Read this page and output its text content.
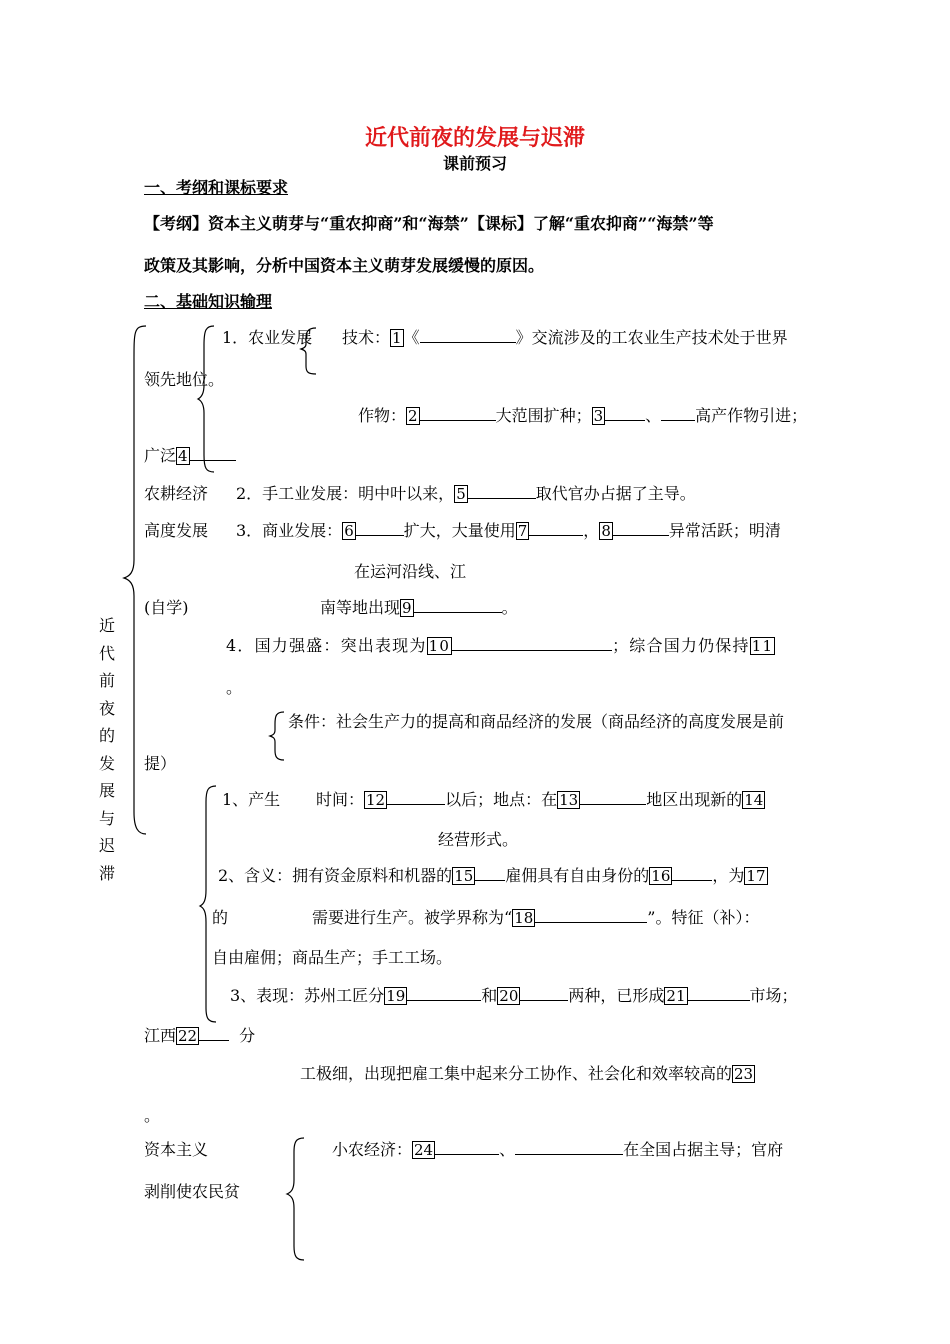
近代前夜的发展与迟滞
课前预习
一、考纲和课标要求
【考纲】资本主义萌芽与“重农抑商”和“海禁”【课标】了解“重农抑商”“海禁”等
政策及其影响，分析中国资本主义萌芽发展缓慢的原因。
二、基础知识输理
近
代
前
夜
的
发
展
与
迟
滞
1．农业发展 技术： 1 《	》交流涉及的工农业生产技术处于世界
领先地位。
作物： 2	大范围扩种； 3	、 高产作物引进；
广泛 4
农耕经济 2．手工业发展：明中叶以来， 5	取代官办占据了主导。
高度发展 3．商业发展： 6	扩大，大量使用 7	， 8	异常活跃；明清
在运河沿线、江
(自学)	南等地出现 9	。
4．国力强盛：突出表现为 10	；综合国力仍保持 11
。
条件：社会生产力的提高和商品经济的发展（商品经济的高度发展是前
提）
1、产生 时间： 12	以后；地点：在 13	地区出现新的 14
经营形式。
2、含义：拥有资金原料和机器的 15 雇佣具有自由身份的 16	，为 17
的	需要进行生产。被学界称为“ 18	”。特征（补）：
自由雇佣；商品生产；手工工场。
3、表现：苏州工匠分 19	和 20	两种，已形成 21	市场；
江西 22	分
工极细，出现把雇工集中起来分工协作、社会化和效率较高的 23
。
资本主义	小农经济： 24	、	在全国占据主导；官府
剥削使农民贫
